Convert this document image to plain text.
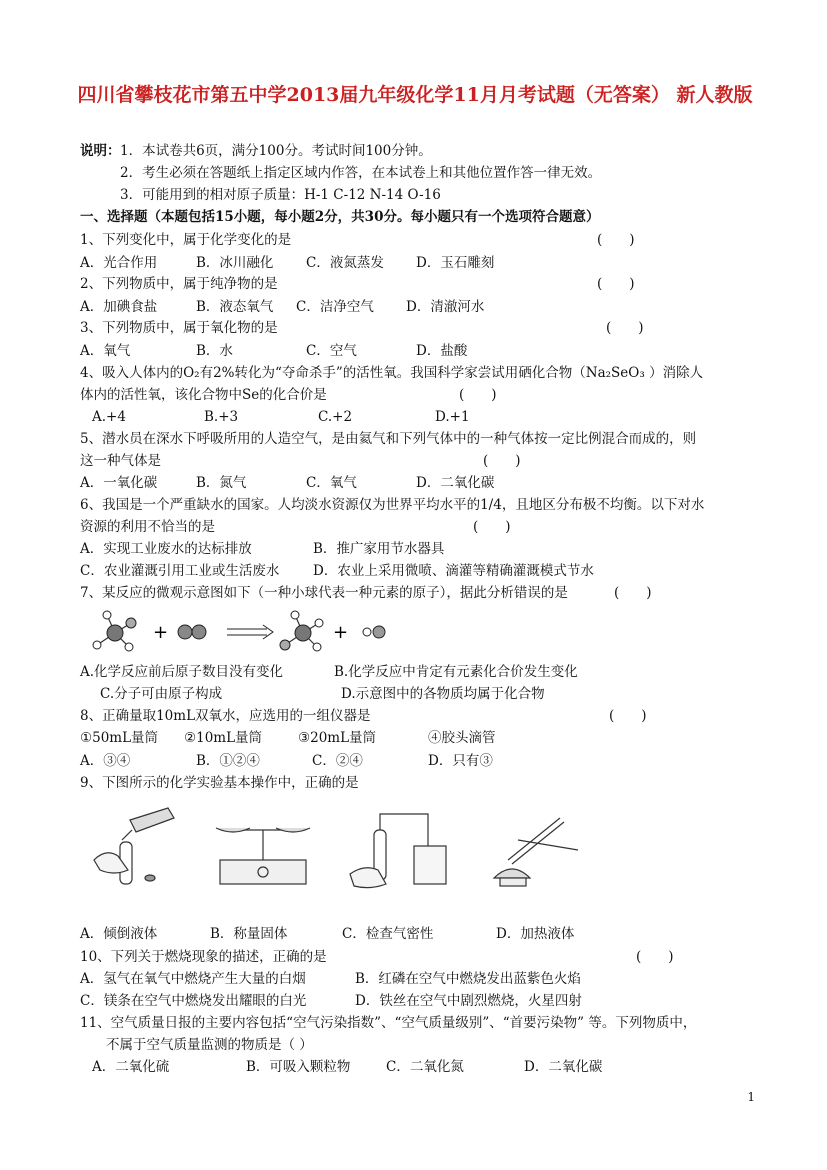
四川省攀枝花市第五中学2013届九年级化学11月月考试题（无答案） 新人教版
说明： 1．本试卷共6页，满分100分。考试时间100分钟。
2．考生必须在答题纸上指定区域内作答，在本试卷上和其他位置作答一律无效。
3．可能用到的相对原子质量：H-1 C-12 N-14 O-16
一、选择题（本题包括15小题，每小题2分，共30分。每小题只有一个选项符合题意）
1、下列变化中，属于化学变化的是	(　　)
A．光合作用	B．冰川融化 C．液氮蒸发 D．玉石雕刻
2、下列物质中，属于纯净物的是	(　　)
A．加碘食盐	B．液态氧气 C．洁净空气 D．清澈河水
3、下列物质中，属于氧化物的是	(　　)
A．氧气	B．水	C．空气	D．盐酸
4、吸入人体内的O₂有2%转化为“夺命杀手”的活性氧。我国科学家尝试用硒化合物（Na₂SeO₃ ）消除人
体内的活性氧，该化合物中Se的化合价是	(　　)
A.+4	B.+3	C.+2	D.+1
5、潜水员在深水下呼吸所用的人造空气，是由氦气和下列气体中的一种气体按一定比例混合而成的，则
这一种气体是	(　　)
A．一氧化碳	B．氮气	C．氧气	D．二氧化碳
6、我国是一个严重缺水的国家。人均淡水资源仅为世界平均水平的1/4，且地区分布极不均衡。以下对水
资源的利用不恰当的是	(　　)
A．实现工业废水的达标排放	B．推广家用节水器具
C．农业灌溉引用工业或生活废水 D．农业上采用微喷、滴灌等精确灌溉模式节水
7、某反应的微观示意图如下（一种小球代表一种元素的原子），据此分析错误的是	(　　)
+	+
A.化学反应前后原子数目没有变化	B.化学反应中肯定有元素化合价发生变化
C.分子可由原子构成	D.示意图中的各物质均属于化合物
8、正确量取10mL双氧水，应选用的一组仪器是	(　　)
①50mL量筒 ②10mL量筒	③20mL量筒	④胶头滴管
A．③④	B．①②④	C．②④	D．只有③
9、下图所示的化学实验基本操作中，正确的是
A．倾倒液体	B．称量固体	C．检查气密性	D．加热液体
10、下列关于燃烧现象的描述，正确的是	(　　)
A．氢气在氧气中燃烧产生大量的白烟	B．红磷在空气中燃烧发出蓝紫色火焰
C．镁条在空气中燃烧发出耀眼的白光	D．铁丝在空气中剧烈燃烧，火星四射
11、空气质量日报的主要内容包括“空气污染指数”、“空气质量级别”、“首要污染物” 等。下列物质中，
不属于空气质量监测的物质是（ ）
A．二氧化硫	B．可吸入颗粒物	C．二氧化氮	D．二氧化碳
1
